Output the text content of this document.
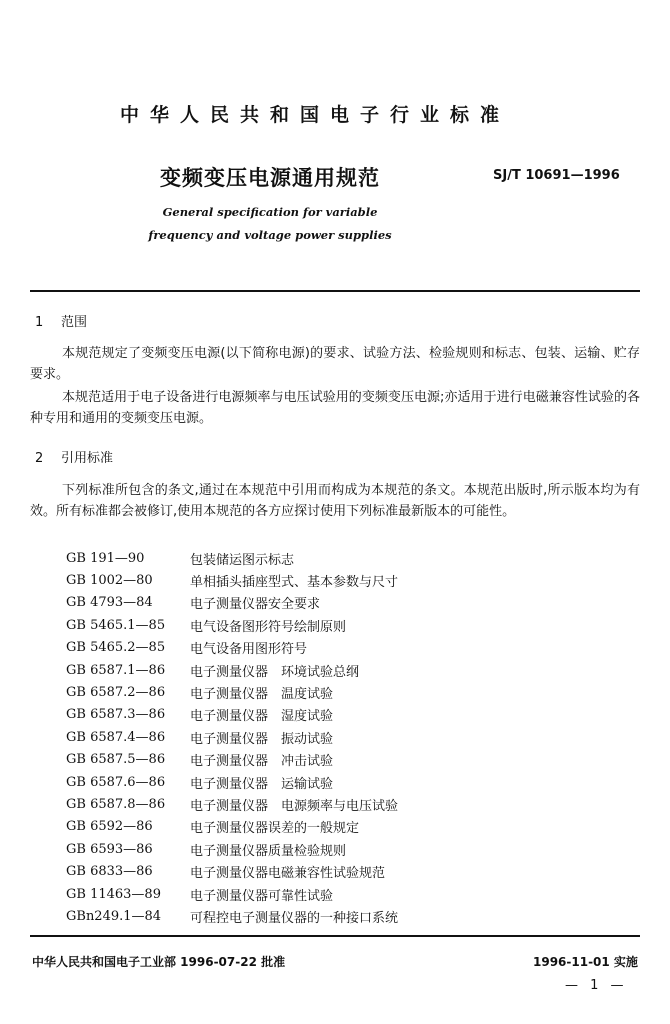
中华人民共和国电子行业标准
变频变压电源通用规范	SJ/T 10691—1996
General specification for variable
frequency and voltage power supplies
1 范围
本规范规定了变频变压电源(以下简称电源)的要求、试验方法、检验规则和标志、包装、运输、贮存要求。
本规范适用于电子设备进行电源频率与电压试验用的变频变压电源;亦适用于进行电磁兼容性试验的各种专用和通用的变频变压电源。
2 引用标准
下列标准所包含的条文,通过在本规范中引用而构成为本规范的条文。本规范出版时,所示版本均为有效。所有标准都会被修订,使用本规范的各方应探讨使用下列标准最新版本的可能性。
GB 191—90	包装储运图示标志
GB 1002—80	单相插头插座型式、基本参数与尺寸
GB 4793—84	电子测量仪器安全要求
GB 5465.1—85	电气设备图形符号绘制原则
GB 5465.2—85	电气设备用图形符号
GB 6587.1—86	电子测量仪器　环境试验总纲
GB 6587.2—86	电子测量仪器　温度试验
GB 6587.3—86	电子测量仪器　湿度试验
GB 6587.4—86	电子测量仪器　振动试验
GB 6587.5—86	电子测量仪器　冲击试验
GB 6587.6—86	电子测量仪器　运输试验
GB 6587.8—86	电子测量仪器　电源频率与电压试验
GB 6592—86	电子测量仪器误差的一般规定
GB 6593—86	电子测量仪器质量检验规则
GB 6833—86	电子测量仪器电磁兼容性试验规范
GB 11463—89	电子测量仪器可靠性试验
GBn249.1—84	可程控电子测量仪器的一种接口系统
中华人民共和国电子工业部 1996-07-22 批准	1996-11-01 实施
— 1 —
